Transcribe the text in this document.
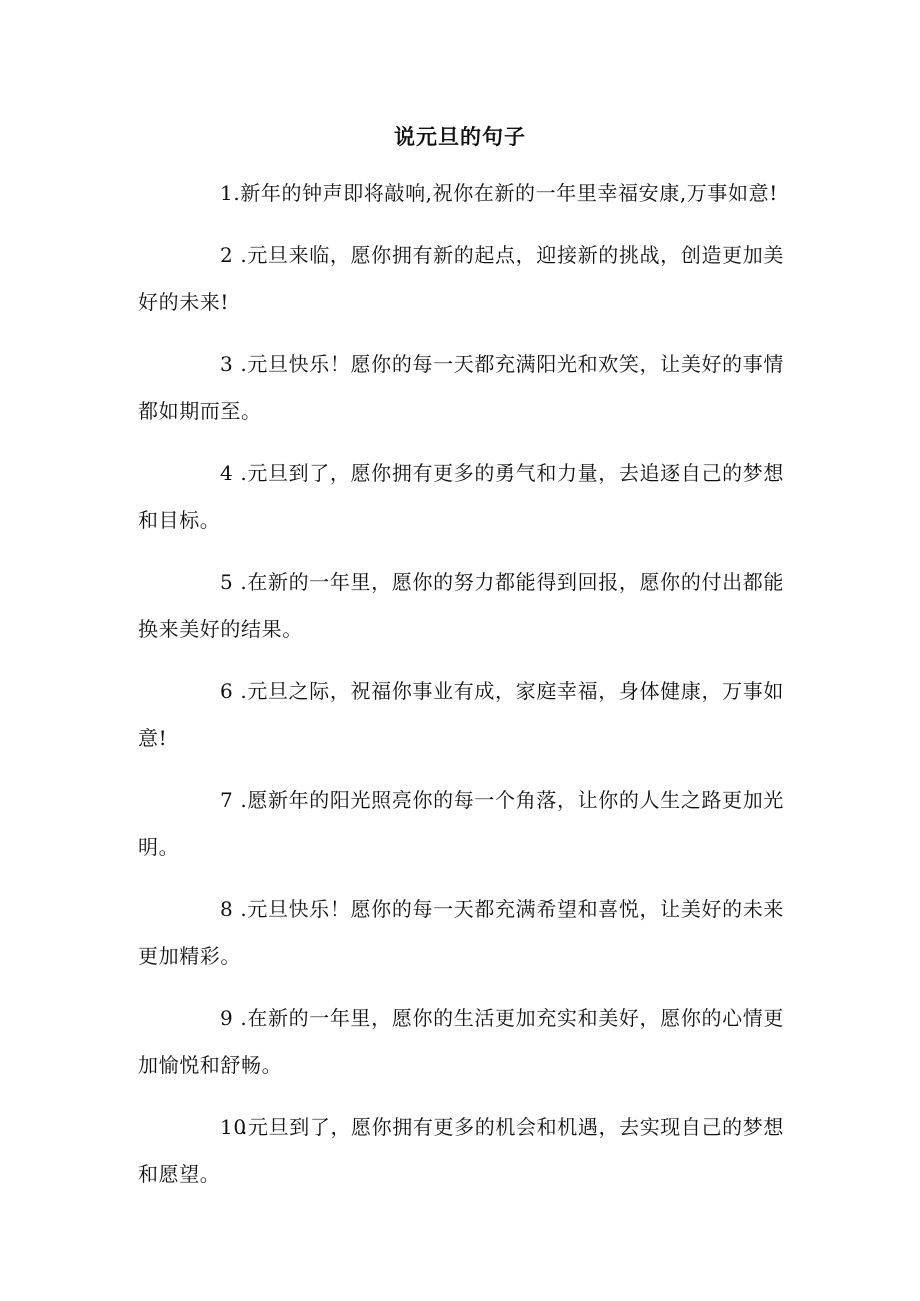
说元旦的句子

1.新年的钟声即将敲响,祝你在新的一年里幸福安康,万事如意!

2 .元旦来临，愿你拥有新的起点，迎接新的挑战，创造更加美好的未来!

3 .元旦快乐！愿你的每一天都充满阳光和欢笑，让美好的事情都如期而至。

4 .元旦到了，愿你拥有更多的勇气和力量，去追逐自己的梦想和目标。

5 .在新的一年里，愿你的努力都能得到回报，愿你的付出都能换来美好的结果。

6 .元旦之际，祝福你事业有成，家庭幸福，身体健康，万事如意!

7 .愿新年的阳光照亮你的每一个角落，让你的人生之路更加光明。

8 .元旦快乐！愿你的每一天都充满希望和喜悦，让美好的未来更加精彩。

9 .在新的一年里，愿你的生活更加充实和美好，愿你的心情更加愉悦和舒畅。

10.元旦到了，愿你拥有更多的机会和机遇，去实现自己的梦想和愿望。
